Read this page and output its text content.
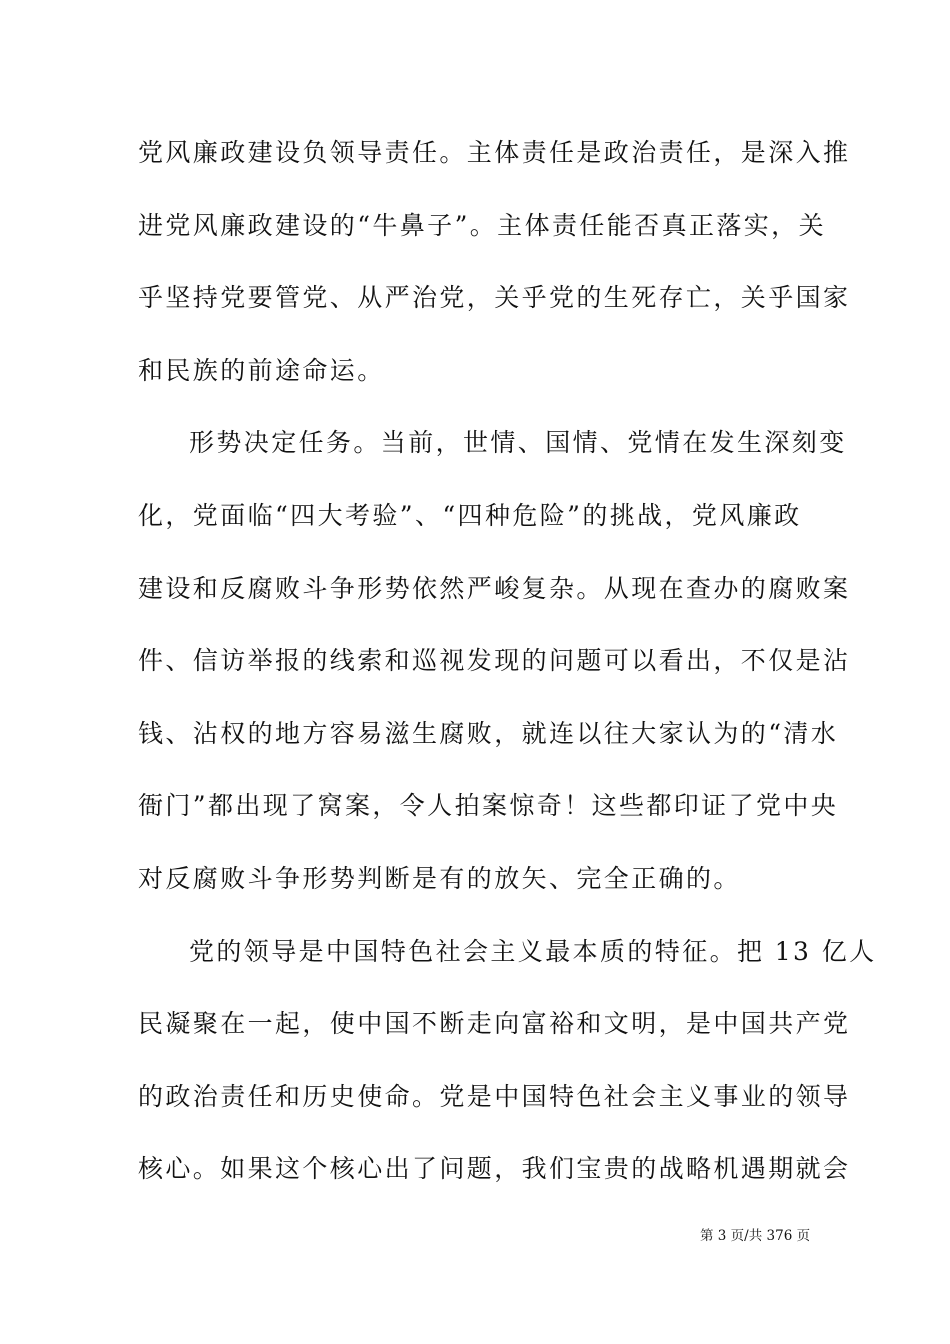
党风廉政建设负领导责任。主体责任是政治责任，是深入推
进党风廉政建设的“牛鼻子”。主体责任能否真正落实，关
乎坚持党要管党、从严治党，关乎党的生死存亡，关乎国家
和民族的前途命运。
形势决定任务。当前，世情、国情、党情在发生深刻变
化，党面临“四大考验”、“四种危险”的挑战，党风廉政
建设和反腐败斗争形势依然严峻复杂。从现在查办的腐败案
件、信访举报的线索和巡视发现的问题可以看出，不仅是沾
钱、沾权的地方容易滋生腐败，就连以往大家认为的“清水
衙门”都出现了窝案，令人拍案惊奇！这些都印证了党中央
对反腐败斗争形势判断是有的放矢、完全正确的。
党的领导是中国特色社会主义最本质的特征。把 13 亿人
民凝聚在一起，使中国不断走向富裕和文明，是中国共产党
的政治责任和历史使命。党是中国特色社会主义事业的领导
核心。如果这个核心出了问题，我们宝贵的战略机遇期就会
第 3 页/共 376 页
